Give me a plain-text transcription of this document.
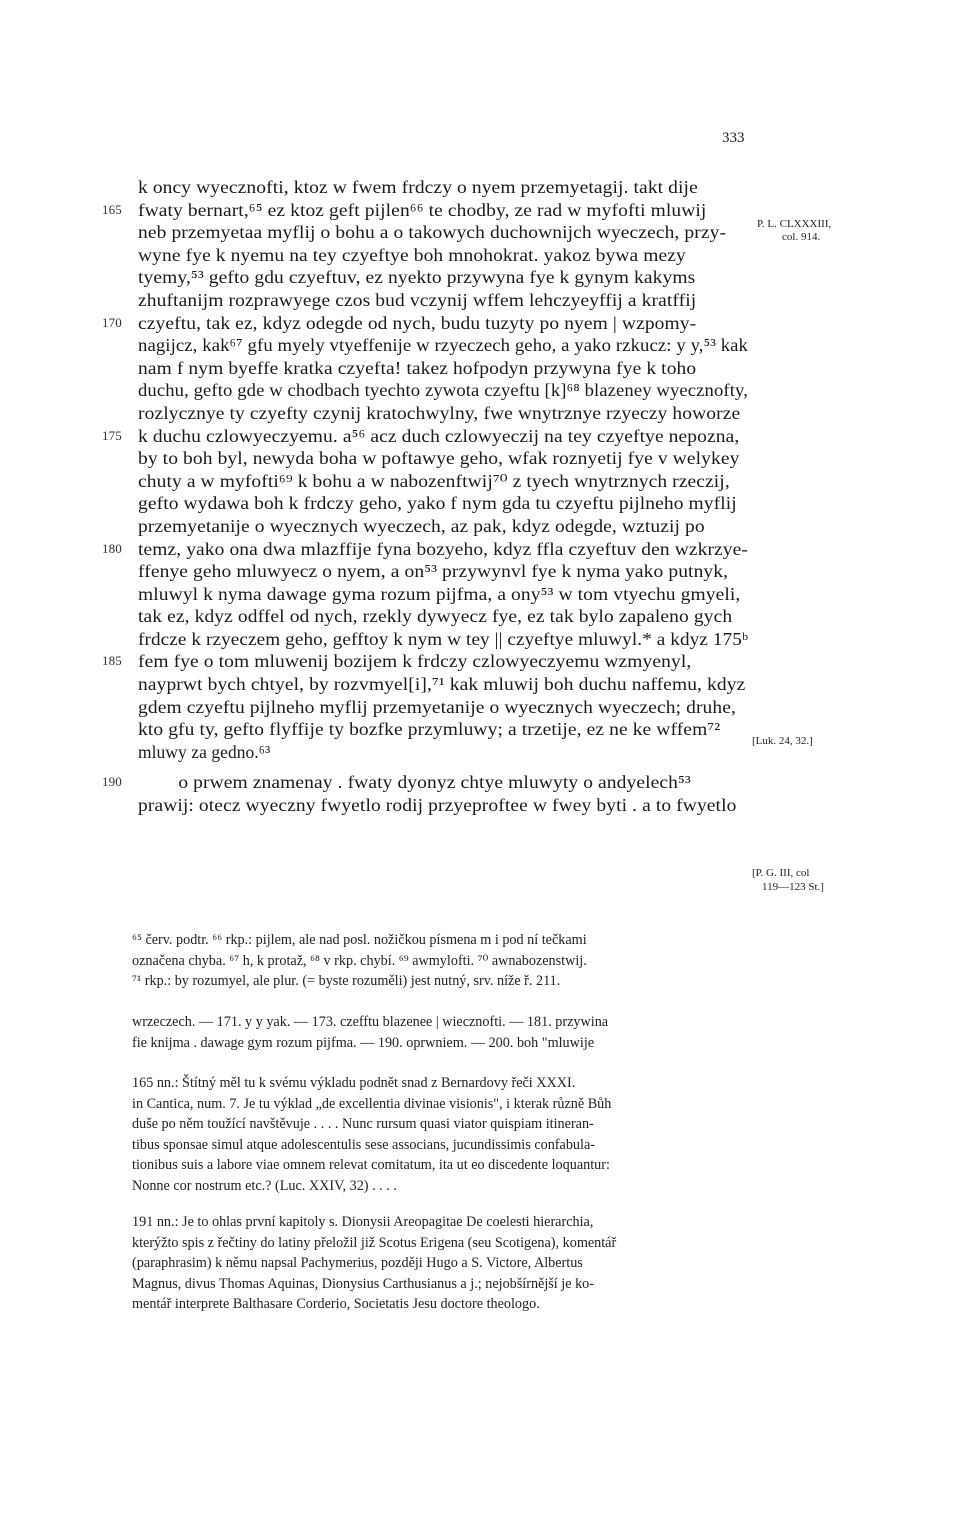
333
k oncy wyecznofti, ktoz w fwem frdczy o nyem przemyetagij. takt dije
165 fwaty bernart,⁶⁵ ez ktoz geft pijlen⁶⁶ te chodby, ze rad w myfofti mluwij
neb przemyetaa myflij o bohu a o takowych duchownijch wyeczech, przy-
wyne fye k nyemu na tey czyeftye boh mnohokrat. yakoz bywa mezy
tyemy,⁵³ gefto gdu czyeftuv, ez nyekto przywyna fye k gynym kakyms
zhuftanijm rozprawyege czos bud vczynij wffem lehczyeyffij a kratffij
170 czyeftu, tak ez, kdyz odegde od nych, budu tuzyty po nyem | wzpomy-
nagijcz, kak⁶⁷ gfu myely vtyeffenije w rzyeczech geho, a yako rzkucz: y y,⁵³ kak
nam f nym byeffe kratka czyefta! takez hofpodyn przywyna fye k toho
duchu, gefto gde w chodbach tyechto zywota czyeftu [k]⁶⁸ blazeney wyecznofty,
rozlycznye ty czyefty czynij kratochwylny, fwe wnytrznye rzyeczy howorze
175 k duchu czlowyeczyemu. a⁵⁶ acz duch czlowyeczij na tey czyeftye nepozna,
by to boh byl, newyda boha w poftawye geho, wfak roznyetij fye v welykey
chuty a w myfofti⁶⁹ k bohu a w nabozenftwij⁷⁰ z tyech wnytrznych rzeczij,
gefto wydawa boh k frdczy geho, yako f nym gda tu czyeftu pijlneho myflij
przemyetanije o wyecznych wyeczech, az pak, kdyz odegde, wztuzij po
180 temz, yako ona dwa mlazffije fyna bozyeho, kdyz ffla czyeftuv den wzkrzye-
ffenye geho mluwyecz o nyem, a on⁵³ przywynvl fye k nyma yako putnyk,
mluwyl k nyma dawage gyma rozum pijfma, a ony⁵³ w tom vtyechu gmyeli,
tak ez, kdyz odffel od nych, rzekly dywyecz fye, ez tak bylo zapaleno gych
frdcze k rzyeczem geho, gefftoy k nym w tey || czyeftye mluwyl.* a kdyz 175ᵇ
185 fem fye o tom mluwenij bozijem k frdczy czlowyeczyemu wzmyenyl,
nayprwt bych chtyel, by rozvmyel[i],⁷¹ kak mluwij boh duchu naffemu, kdyz
gdem czyeftu pijlneho myflij przemyetanije o wyecznych wyeczech; druhe,
kto gfu ty, gefto flyffije ty bozfke przymluwy; a trzetije, ez ne ke wffem⁷²
mluwy za gedno.⁶³
190	o prwem znamenay . fwaty dyonyz chtye mluwyty o andyelech⁵³
prawij: otecz wyeczny fwyetlo rodij przyeproftee w fwey byti . a to fwyetlo
P. L. CLXXXIII,
col. 914.
[Luk. 24, 32.]
[P. G. III, col
119—123 St.]
⁶⁵ červ. podtr. ⁶⁶ rkp.: pijlem, ale nad posl. nožičkou písmena m i pod ní tečkami
označena chyba. ⁶⁷ h, k protaž, ⁶⁸ v rkp. chybí. ⁶⁹ awmylofti. ⁷⁰ awnabozenstwij.
⁷¹ rkp.: by rozumyel, ale plur. (= byste rozuměli) jest nutný, srv. níže ř. 211.
wrzeczech. — 171. y y yak. — 173. czefftu blazenee | wiecznofti. — 181. przywina
fie knijma . dawage gym rozum pijfma. — 190. oprwniem. — 200. boh "mluwije
165 nn.: Štítný měl tu k svému výkladu podnět snad z Bernardovy řeči XXXI.
in Cantica, num. 7. Je tu výklad „de excellentia divinae visionis", i kterak různě Bůh
duše po něm toužící navštěvuje . . . . Nunc rursum quasi viator quispiam itineran-
tibus sponsae simul atque adolescentulis sese associans, jucundissimis confabula-
tionibus suis a labore viae omnem relevat comitatum, ita ut eo discedente loquantur:
Nonne cor nostrum etc.? (Luc. XXIV, 32) . . . .
191 nn.: Je to ohlas první kapitoly s. Dionysii Areopagitae De coelesti hierarchia,
kterýžto spis z řečtiny do latiny přeložil již Scotus Erigena (seu Scotigena), komentář
(paraphrasim) k němu napsal Pachymerius, později Hugo a S. Victore, Albertus
Magnus, divus Thomas Aquinas, Dionysius Carthusianus a j.; nejobšírnější je ko-
mentář interprete Balthasare Corderio, Societatis Jesu doctore theologo.
